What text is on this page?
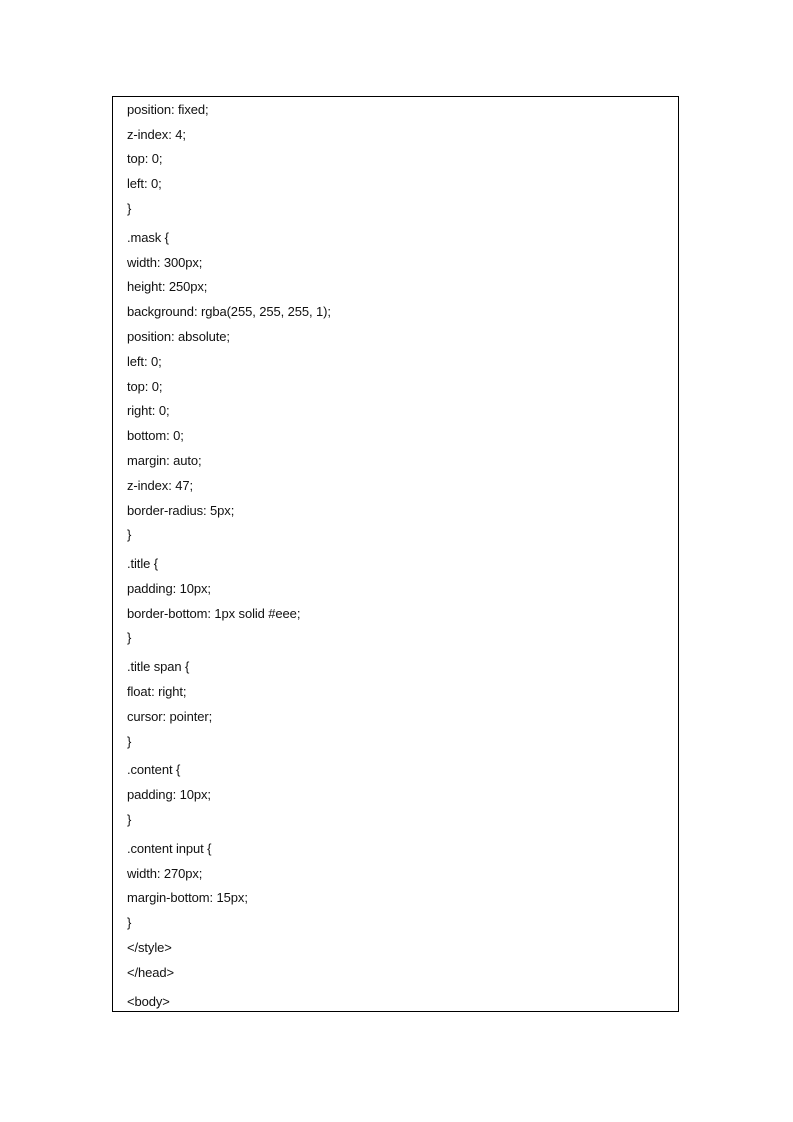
position: fixed;
z-index: 4;
top: 0;
left: 0;
}
.mask {
width: 300px;
height: 250px;
background: rgba(255, 255, 255, 1);
position: absolute;
left: 0;
top: 0;
right: 0;
bottom: 0;
margin: auto;
z-index: 47;
border-radius: 5px;
}
.title {
padding: 10px;
border-bottom: 1px solid #eee;
}
.title span {
float: right;
cursor: pointer;
}
.content {
padding: 10px;
}
.content input {
width: 270px;
margin-bottom: 15px;
}
</style>
</head>
<body>
